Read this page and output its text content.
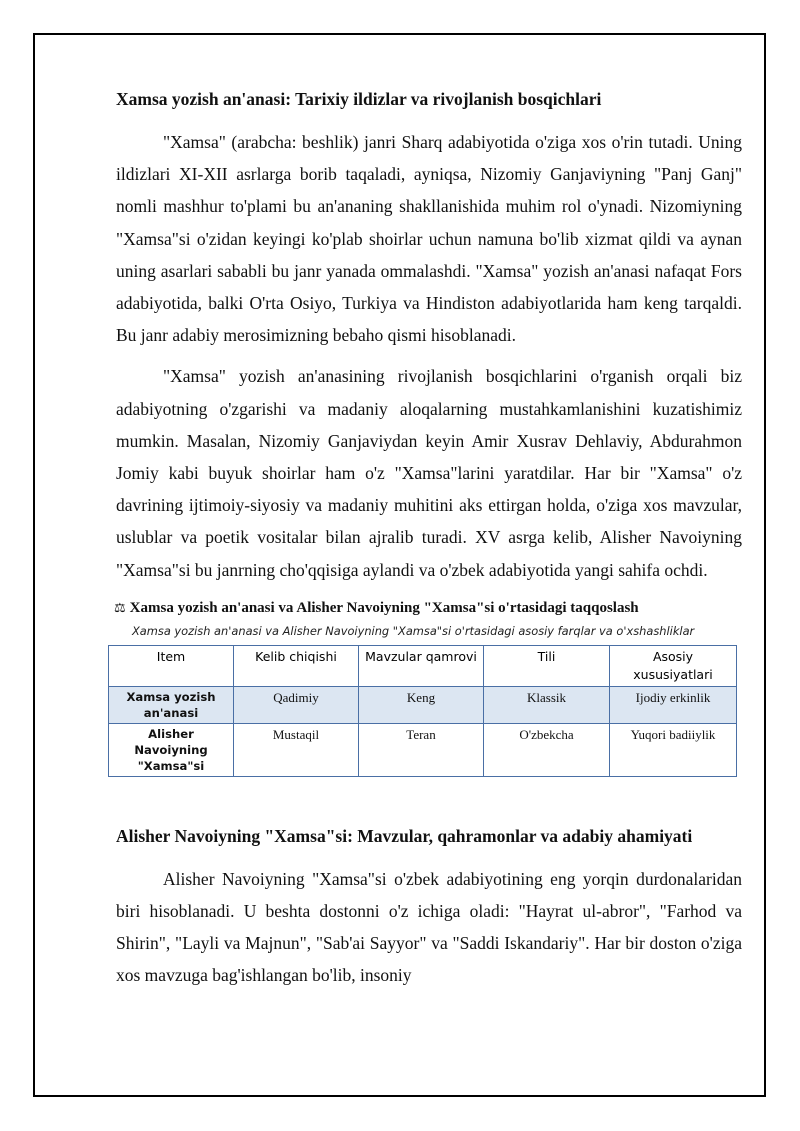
Xamsa yozish an'anasi: Tarixiy ildizlar va rivojlanish bosqichlari

"Xamsa" (arabcha: beshlik) janri Sharq adabiyotida o'ziga xos o'rin tutadi. Uning ildizlari XI-XII asrlarga borib taqaladi, ayniqsa, Nizomiy Ganjaviyning "Panj Ganj" nomli mashhur to'plami bu an'ananing shakllanishida muhim rol o'ynadi. Nizomiyning "Xamsa"si o'zidan keyingi ko'plab shoirlar uchun namuna bo'lib xizmat qildi va aynan uning asarlari sababli bu janr yanada ommalashdi. "Xamsa" yozish an'anasi nafaqat Fors adabiyotida, balki O'rta Osiyo, Turkiya va Hindiston adabiyotlarida ham keng tarqaldi. Bu janr adabiy merosimizning bebaho qismi hisoblanadi.

"Xamsa" yozish an'anasining rivojlanish bosqichlarini o'rganish orqali biz adabiyotning o'zgarishi va madaniy aloqalarning mustahkamlanishini kuzatishimiz mumkin. Masalan, Nizomiy Ganjaviydan keyin Amir Xusrav Dehlaviy, Abdurahmon Jomiy kabi buyuk shoirlar ham o'z "Xamsa"larini yaratdilar. Har bir "Xamsa" o'z davrining ijtimoiy-siyosiy va madaniy muhitini aks ettirgan holda, o'ziga xos mavzular, uslublar va poetik vositalar bilan ajralib turadi. XV asrga kelib, Alisher Navoiyning "Xamsa"si bu janrning cho'qqisiga aylandi va o'zbek adabiyotida yangi sahifa ochdi.

⚖ Xamsa yozish an'anasi va Alisher Navoiyning "Xamsa"si o'rtasidagi taqqoslash
Xamsa yozish an'anasi va Alisher Navoiyning "Xamsa"si o'rtasidagi asosiy farqlar va o'xshashliklar
Item	Kelib chiqishi	Mavzular qamrovi	Tili	Asosiy xususiyatlari
Xamsa yozish an'anasi	Qadimiy	Keng	Klassik	Ijodiy erkinlik
Alisher Navoiyning "Xamsa"si	Mustaqil	Teran	O'zbekcha	Yuqori badiiylik
Alisher Navoiyning "Xamsa"si: Mavzular, qahramonlar va adabiy ahamiyati

Alisher Navoiyning "Xamsa"si o'zbek adabiyotining eng yorqin durdonalaridan biri hisoblanadi. U beshta dostonni o'z ichiga oladi: "Hayrat ul-abror", "Farhod va Shirin", "Layli va Majnun", "Sab'ai Sayyor" va "Saddi Iskandariy". Har bir doston o'ziga xos mavzuga bag'ishlangan bo'lib, insoniy
